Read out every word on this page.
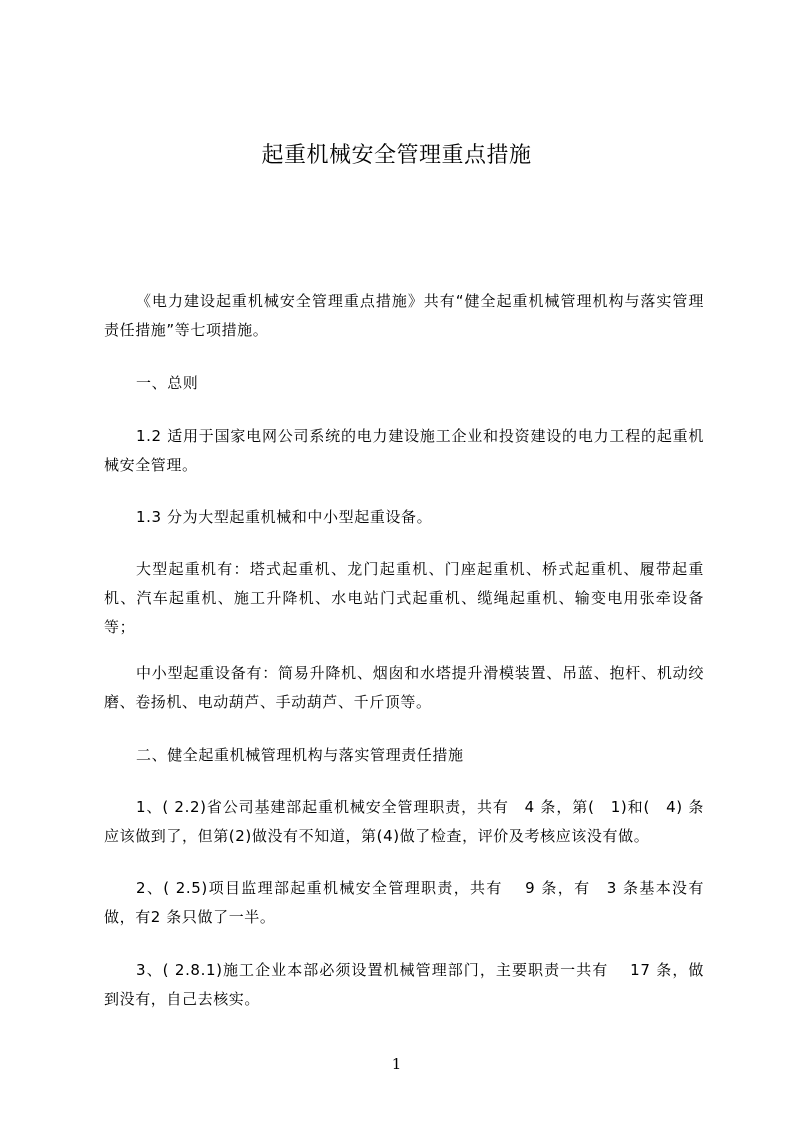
起重机械安全管理重点措施

《电力建设起重机械安全管理重点措施》共有“健全起重机械管理机构与落实管理责任措施”等七项措施。

一、总则

1.2 适用于国家电网公司系统的电力建设施工企业和投资建设的电力工程的起重机械安全管理。

1.3 分为大型起重机械和中小型起重设备。

大型起重机有：塔式起重机、龙门起重机、门座起重机、桥式起重机、履带起重机、汽车起重机、施工升降机、水电站门式起重机、缆绳起重机、输变电用张牵设备等；

中小型起重设备有：简易升降机、烟囱和水塔提升滑模装置、吊蓝、抱杆、机动绞磨、卷扬机、电动葫芦、手动葫芦、千斤顶等。

二、健全起重机械管理机构与落实管理责任措施

1、( 2.2)省公司基建部起重机械安全管理职责，共有　4 条，第(　1)和(　4) 条应该做到了，但第(2)做没有不知道，第(4)做了检查，评价及考核应该没有做。

2、( 2.5)项目监理部起重机械安全管理职责，共有　 9 条，有　3 条基本没有做，有2 条只做了一半。

3、( 2.8.1)施工企业本部必须设置机械管理部门，主要职责一共有　 17 条，做到没有，自己去核实。

1
